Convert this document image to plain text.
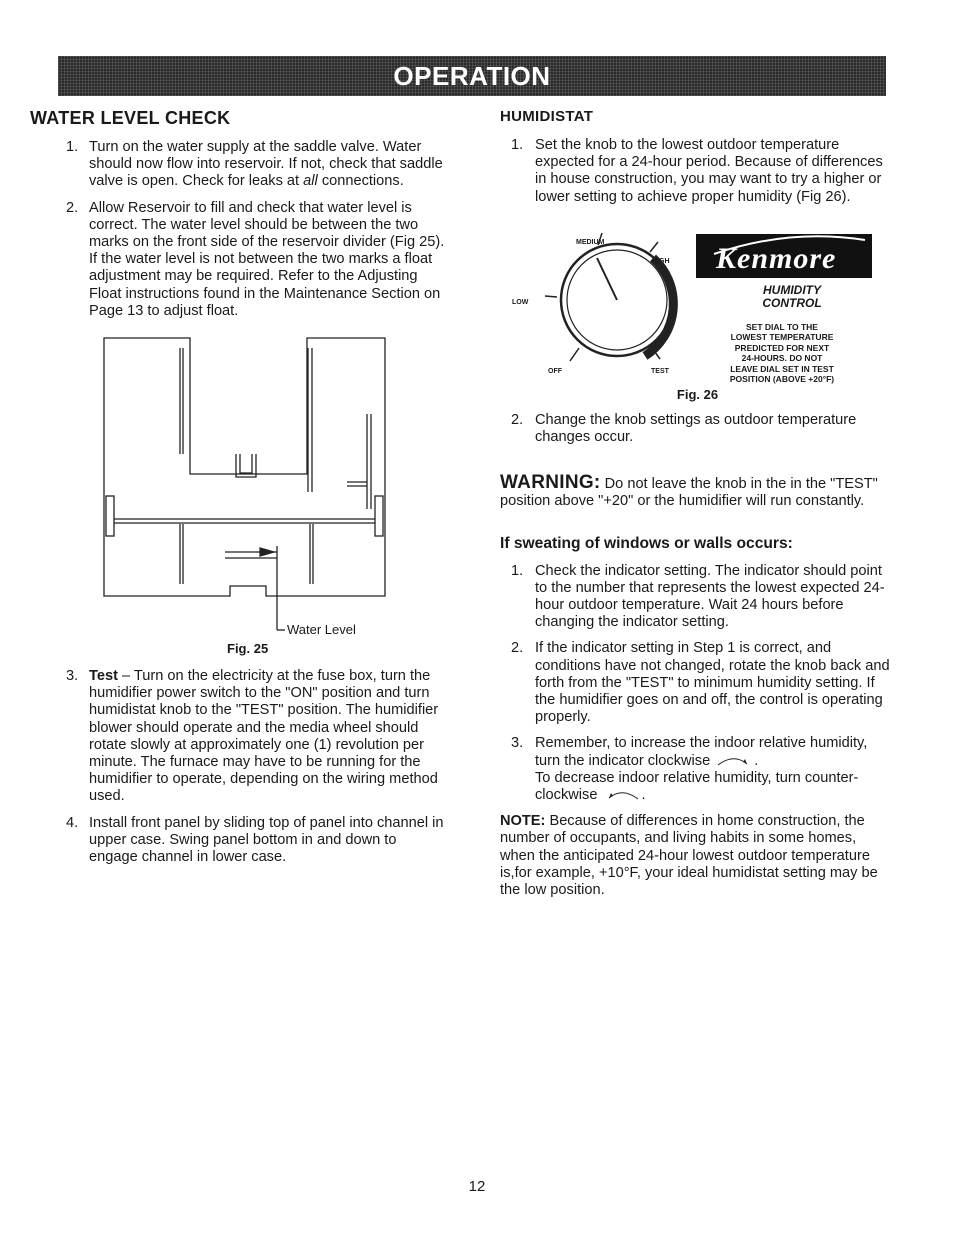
OPERATION
WATER LEVEL CHECK
1. Turn on the water supply at the saddle valve. Water should now flow into reservoir. If not, check that saddle valve is open. Check for leaks at all connections.
2. Allow Reservoir to fill and check that water level is correct. The water level should be between the two marks on the front side of the reservoir divider (Fig 25). If the water level is not between the two marks a float adjustment may be required. Refer to the Adjusting Float instructions found in the Maintenance Section on Page 13 to adjust float.
Water Level
Fig. 25
3. Test – Turn on the electricity at the fuse box, turn the humidifier power switch to the "ON" position and turn humidistat knob to the "TEST" position. The humidifier blower should operate and the media wheel should rotate slowly at approximately one (1) revolution per minute. The furnace may have to be running for the humidifier to operate, depending on the wiring method used.
4. Install front panel by sliding top of panel into channel in upper case. Swing panel bottom in and down to engage channel in lower case.
HUMIDISTAT
1. Set the knob to the lowest outdoor temperature expected for a 24-hour period. Because of differences in house construction, you may want to try a higher or lower setting to achieve proper humidity (Fig 26).
Kenmore
MEDIUM
HIGH
LOW
OFF	TEST
HUMIDITY
CONTROL
SET DIAL TO THE
LOWEST TEMPERATURE
PREDICTED FOR NEXT
24-HOURS. DO NOT
LEAVE DIAL SET IN TEST
POSITION (ABOVE +20°F)
Fig. 26
2. Change the knob settings as outdoor temperature changes occur.

WARNING: Do not leave the knob in the in the "TEST" position above "+20" or the humidifier will run constantly.

If sweating of windows or walls occurs:
1. Check the indicator setting. The indicator should point to the number that represents the lowest expected 24-hour outdoor temperature. Wait 24 hours before changing the indicator setting.
2. If the indicator setting in Step 1 is correct, and conditions have not changed, rotate the knob back and forth from the "TEST" to minimum humidity setting. If the humidifier goes on and off, the control is operating properly.
3. Remember, to increase the indoor relative humidity, turn the indicator clockwise	.
To decrease indoor relative humidity, turn counter-clockwise	.

NOTE: Because of differences in home construction, the number of occupants, and living habits in some homes, when the anticipated 24-hour lowest outdoor temperature is,for example, +10°F, your ideal humidistat setting may be the low position.

12
